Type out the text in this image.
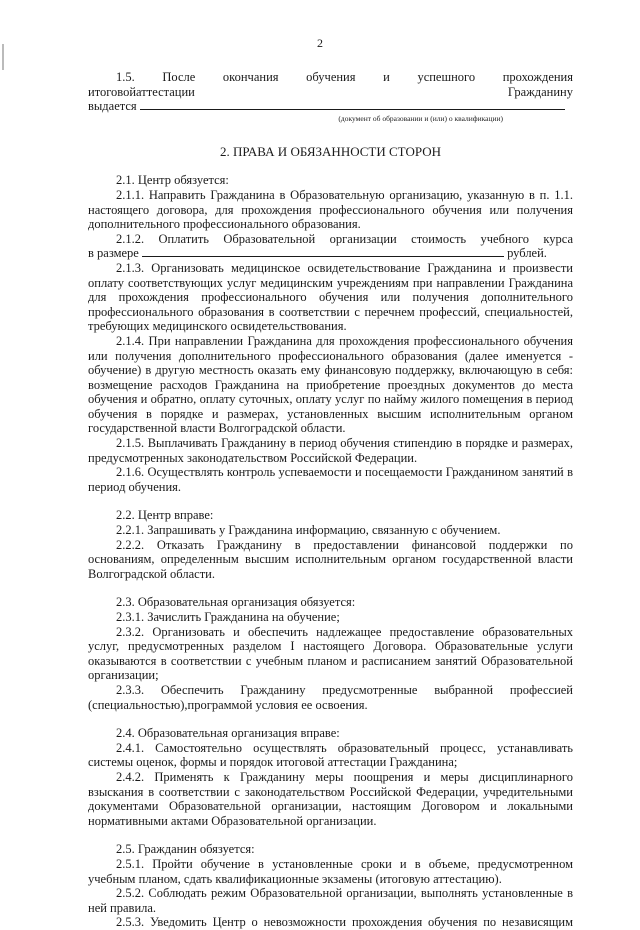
2
1.5. После окончания обучения и успешного прохождения
итоговойаттестации	Гражданину
выдается
(документ об образовании и (или) о квалификации)
2. ПРАВА И ОБЯЗАННОСТИ СТОРОН
2.1. Центр обязуется:
2.1.1. Направить Гражданина в Образовательную организацию, указанную в п. 1.1. настоящего договора, для прохождения профессионального обучения или получения дополнительного профессионального образования.
2.1.2. Оплатить Образовательной организации стоимость учебного курса
в размере	рублей.
2.1.3. Организовать медицинское освидетельствование Гражданина и произвести оплату соответствующих услуг медицинским учреждениям при направлении Гражданина для прохождения профессионального обучения или получения дополнительного профессионального образования в соответствии с перечнем профессий, специальностей, требующих медицинского освидетельствования.
2.1.4. При направлении Гражданина для прохождения профессионального обучения или получения дополнительного профессионального образования (далее именуется - обучение) в другую местность оказать ему финансовую поддержку, включающую в себя: возмещение расходов Гражданина на приобретение проездных документов до места обучения и обратно, оплату суточных, оплату услуг по найму жилого помещения в период обучения в порядке и размерах, установленных высшим исполнительным органом государственной власти Волгоградской области.
2.1.5. Выплачивать Гражданину в период обучения стипендию в порядке и размерах, предусмотренных законодательством Российской Федерации.
2.1.6. Осуществлять контроль успеваемости и посещаемости Гражданином занятий в период обучения.
2.2. Центр вправе:
2.2.1. Запрашивать у Гражданина информацию, связанную с обучением.
2.2.2. Отказать Гражданину в предоставлении финансовой поддержки по основаниям, определенным высшим исполнительным органом государственной власти Волгоградской области.
2.3. Образовательная организация обязуется:
2.3.1. Зачислить Гражданина на обучение;
2.3.2. Организовать и обеспечить надлежащее предоставление образовательных услуг, предусмотренных разделом I настоящего Договора. Образовательные услуги оказываются в соответствии с учебным планом и расписанием занятий Образовательной организации;
2.3.3. Обеспечить Гражданину предусмотренные выбранной профессией (специальностью),программой условия ее освоения.
2.4. Образовательная организация вправе:
2.4.1. Самостоятельно осуществлять образовательный процесс, устанавливать системы оценок, формы и порядок итоговой аттестации Гражданина;
2.4.2. Применять к Гражданину меры поощрения и меры дисциплинарного взыскания в соответствии с законодательством Российской Федерации, учредительными документами Образовательной организации, настоящим Договором и локальными нормативными актами Образовательной организации.
2.5. Гражданин обязуется:
2.5.1. Пройти обучение в установленные сроки и в объеме, предусмотренном учебным планом, сдать квалификационные экзамены (итоговую аттестацию).
2.5.2. Соблюдать режим Образовательной организации, выполнять установленные в ней правила.
2.5.3. Уведомить Центр о невозможности прохождения обучения по независящим
